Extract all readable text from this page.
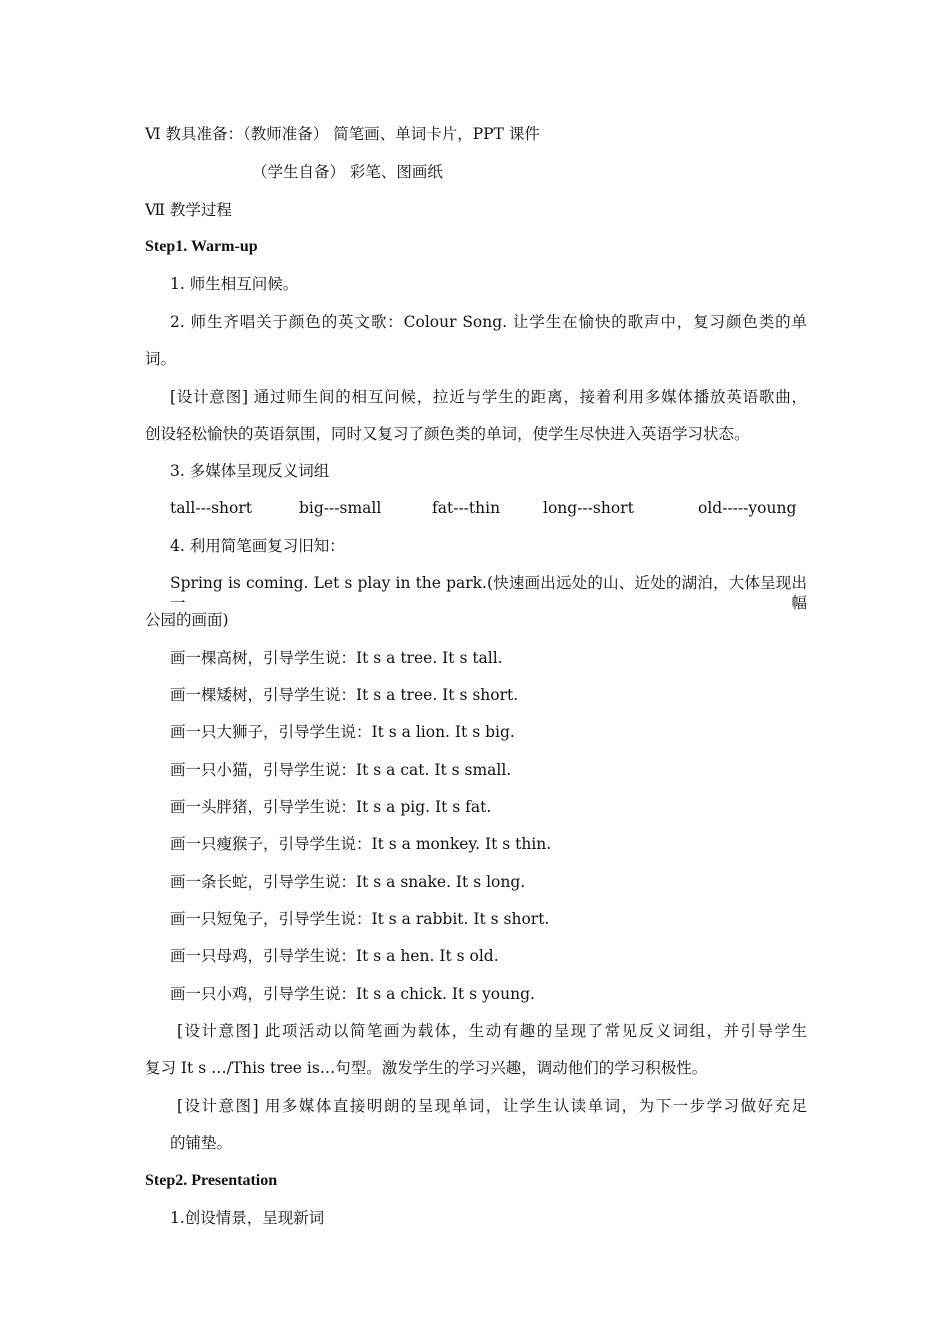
Ⅵ 教具准备：（教师准备） 简笔画、单词卡片，PPT 课件
（学生自备） 彩笔、图画纸
Ⅶ 教学过程
Step1. Warm-up
1. 师生相互问候。
2. 师生齐唱关于颜色的英文歌：Colour Song. 让学生在愉快的歌声中，复习颜色类的单
词。
[设计意图] 通过师生间的相互问候，拉近与学生的距离，接着利用多媒体播放英语歌曲，
创设轻松愉快的英语氛围，同时又复习了颜色类的单词，使学生尽快进入英语学习状态。
3. 多媒体呈现反义词组
tall---short	big---small	fat---thin	long---short	old-----young
4. 利用简笔画复习旧知：
Spring is coming. Let s play in the park.(快速画出远处的山、近处的湖泊，大体呈现出一幅
公园的画面)
画一棵高树，引导学生说：It s a tree. It s tall.
画一棵矮树，引导学生说：It s a tree. It s short.
画一只大狮子，引导学生说：It s a lion. It s big.
画一只小猫，引导学生说：It s a cat. It s small.
画一头胖猪，引导学生说：It s a pig. It s fat.
画一只瘦猴子，引导学生说：It s a monkey. It s thin.
画一条长蛇，引导学生说：It s a snake. It s long.
画一只短兔子，引导学生说：It s a rabbit. It s short.
画一只母鸡，引导学生说：It s a hen. It s old.
画一只小鸡，引导学生说：It s a chick. It s young.
[设计意图] 此项活动以简笔画为载体，生动有趣的呈现了常见反义词组，并引导学生
复习 It s …/This tree is…句型。激发学生的学习兴趣，调动他们的学习积极性。
[设计意图] 用多媒体直接明朗的呈现单词，让学生认读单词，为下一步学习做好充足
的铺垫。
Step2. Presentation
1.创设情景，呈现新词
